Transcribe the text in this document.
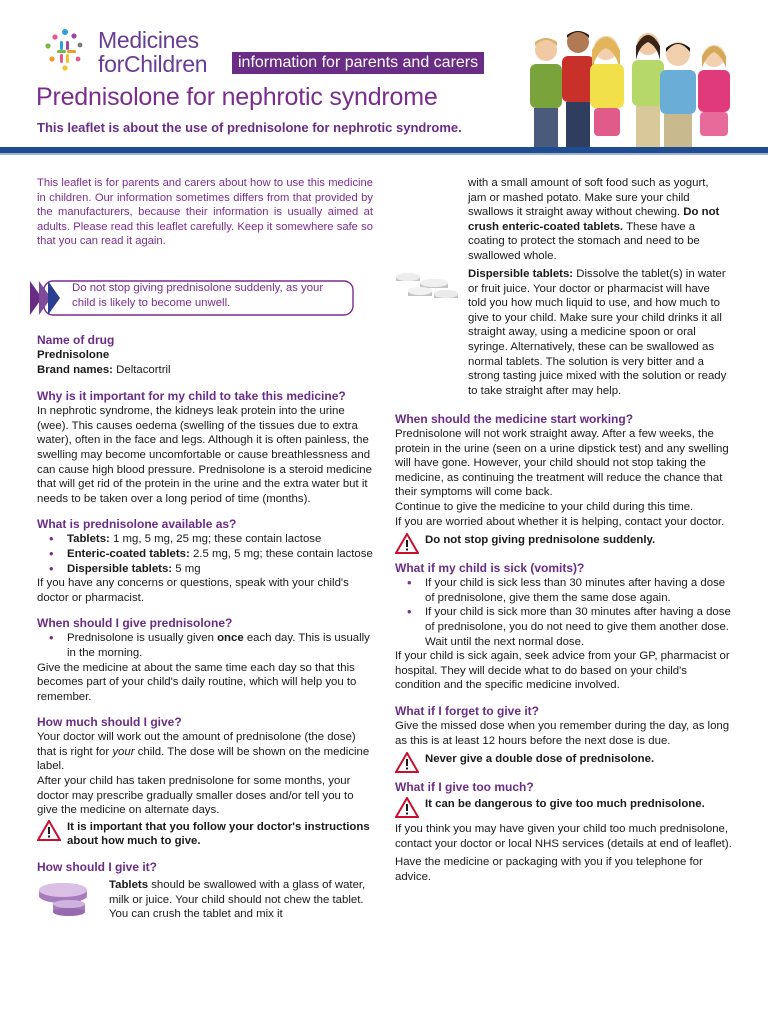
Medicines
forChildren	information for parents and carers
Prednisolone for nephrotic syndrome
This leaflet is about the use of prednisolone for nephrotic syndrome.
This leaflet is for parents and carers about how to use this medicine in children. Our information sometimes differs from that provided by the manufacturers, because their information is usually aimed at adults. Please read this leaflet carefully. Keep it somewhere safe so that you can read it again.
Do not stop giving prednisolone suddenly, as your child is likely to become unwell.
Name of drug

Prednisolone

Brand names: Deltacortril

Why is it important for my child to take this medicine?

In nephrotic syndrome, the kidneys leak protein into the urine (wee). This causes oedema (swelling of the tissues due to extra water), often in the face and legs. Although it is often painless, the swelling may become uncomfortable or cause breathlessness and can cause high blood pressure. Prednisolone is a steroid medicine that will get rid of the protein in the urine and the extra water but it needs to be taken over a long period of time (months).

What is prednisolone available as?
• Tablets: 1 mg, 5 mg, 25 mg; these contain lactose
• Enteric-coated tablets: 2.5 mg, 5 mg; these contain lactose
• Dispersible tablets: 5 mg

If you have any concerns or questions, speak with your child's doctor or pharmacist.

When should I give prednisolone?
• Prednisolone is usually given once each day. This is usually in the morning.

Give the medicine at about the same time each day so that this becomes part of your child's daily routine, which will help you to remember.

How much should I give?

Your doctor will work out the amount of prednisolone (the dose) that is right for your child. The dose will be shown on the medicine label.

After your child has taken prednisolone for some months, your doctor may prescribe gradually smaller doses and/or tell you to give the medicine on alternate days.

It is important that you follow your doctor's instructions about how much to give.
How should I give it?

Tablets should be swallowed with a glass of water, milk or juice. Your child should not chew the tablet. You can crush the tablet and mix it

with a small amount of soft food such as yogurt, jam or mashed potato. Make sure your child swallows it straight away without chewing. Do not crush enteric-coated tablets. These have a coating to protect the stomach and need to be swallowed whole.

Dispersible tablets: Dissolve the tablet(s) in water or fruit juice. Your doctor or pharmacist will have told you how much liquid to use, and how much to give to your child. Make sure your child drinks it all straight away, using a medicine spoon or oral syringe. Alternatively, these can be swallowed as normal tablets. The solution is very bitter and a strong tasting juice mixed with the solution or ready to take straight after may help.

When should the medicine start working?

Prednisolone will not work straight away. After a few weeks, the protein in the urine (seen on a urine dipstick test) and any swelling will have gone. However, your child should not stop taking the medicine, as continuing the treatment will reduce the chance that their symptoms will come back.

Continue to give the medicine to your child during this time.

If you are worried about whether it is helping, contact your doctor.

Do not stop giving prednisolone suddenly.
What if my child is sick (vomits)?
• If your child is sick less than 30 minutes after having a dose of prednisolone, give them the same dose again.
• If your child is sick more than 30 minutes after having a dose of prednisolone, you do not need to give them another dose. Wait until the next normal dose.

If your child is sick again, seek advice from your GP, pharmacist or hospital. They will decide what to do based on your child's condition and the specific medicine involved.

What if I forget to give it?

Give the missed dose when you remember during the day, as long as this is at least 12 hours before the next dose is due.

Never give a double dose of prednisolone.
What if I give too much?
It can be dangerous to give too much prednisolone.

If you think you may have given your child too much prednisolone, contact your doctor or local NHS services (details at end of leaflet).

Have the medicine or packaging with you if you telephone for advice.
